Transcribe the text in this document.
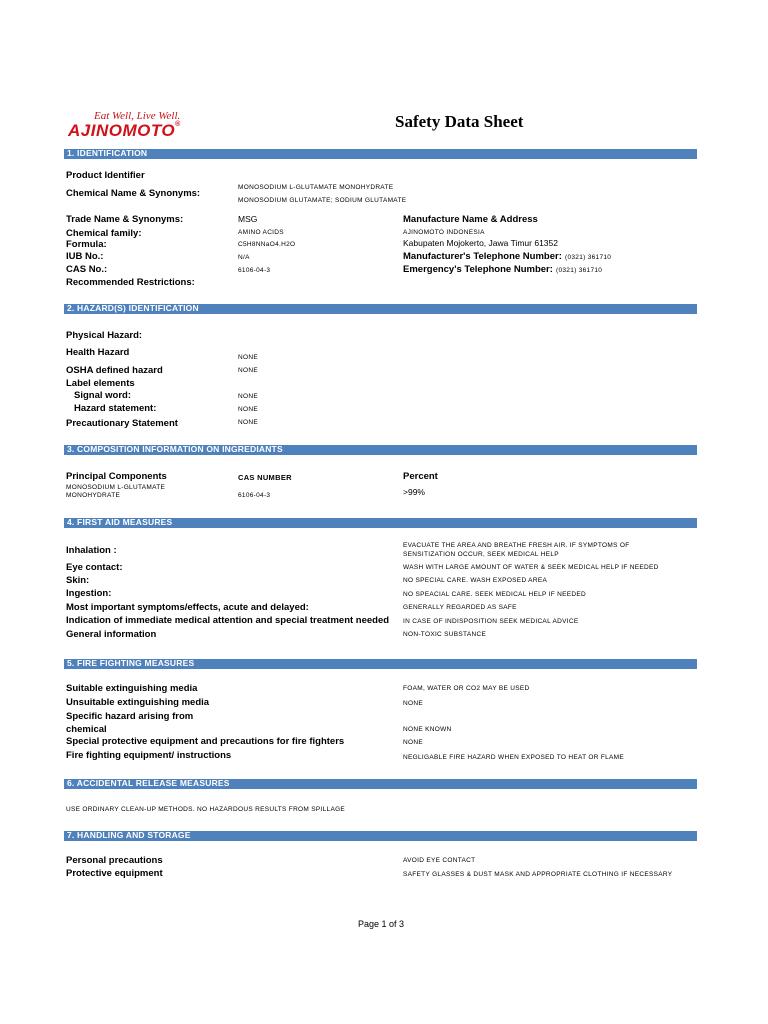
Eat Well, Live Well.
AJINOMOTO®	Safety Data Sheet
1. IDENTIFICATION
Product Identifier
Chemical Name & Synonyms:
MONOSODIUM L-GLUTAMATE MONOHYDRATE
MONOSODIUM GLUTAMATE; SODIUM GLUTAMATE
Trade Name & Synonyms:	MSG	Manufacture Name & Address
Chemical family:	AMINO ACIDS	AJINOMOTO INDONESIA
Formula:	C5H8NNaO4.H2O	Kabupaten Mojokerto, Jawa Timur 61352
IUB No.:	N/A	Manufacturer's Telephone Number: (0321) 361710
CAS No.:	6106-04-3	Emergency's Telephone Number: (0321) 361710
Recommended Restrictions:
2. HAZARD(S) IDENTIFICATION
Physical Hazard:
Health Hazard	NONE
OSHA defined hazard	NONE
Label elements
Signal word:	NONE
Hazard statement:	NONE
Precautionary Statement	NONE
3. COMPOSITION INFORMATION ON INGREDIANTS
Principal Components	CAS NUMBER	Percent
MONOSODIUM L-GLUTAMATE
MONOHYDRATE	6106-04-3	>99%
4. FIRST AID MEASURES
Inhalation :	EVACUATE THE AREA AND BREATHE FRESH AIR. IF SYMPTOMS OF
SENSITIZATION OCCUR, SEEK MEDICAL HELP
Eye contact:	WASH WITH LARGE AMOUNT OF WATER & SEEK MEDICAL HELP IF NEEDED
Skin:	NO SPECIAL CARE. WASH EXPOSED AREA
Ingestion:	NO SPEACIAL CARE. SEEK MEDICAL HELP IF NEEDED
Most important symptoms/effects, acute and delayed:	GENERALLY REGARDED AS SAFE
Indication of immediate medical attention and special treatment needed IN CASE OF INDISPOSITION SEEK MEDICAL ADVICE
General information	NON-TOXIC SUBSTANCE
5. FIRE FIGHTING MEASURES
Suitable extinguishing media	FOAM, WATER OR CO2 MAY BE USED
Unsuitable extinguishing media	NONE
Specific hazard arising from
chemical	NONE KNOWN
Special protective equipment and precautions for fire fighters	NONE
Fire fighting equipment/ instructions	NEGLIGABLE FIRE HAZARD WHEN EXPOSED TO HEAT OR FLAME
6. ACCIDENTAL RELEASE MEASURES
USE ORDINARY CLEAN-UP METHODS. NO HAZARDOUS RESULTS FROM SPILLAGE
7. HANDLING AND STORAGE
Personal precautions	AVOID EYE CONTACT
Protective equipment	SAFETY GLASSES & DUST MASK AND APPROPRIATE CLOTHING IF NECESSARY
Page 1 of 3
